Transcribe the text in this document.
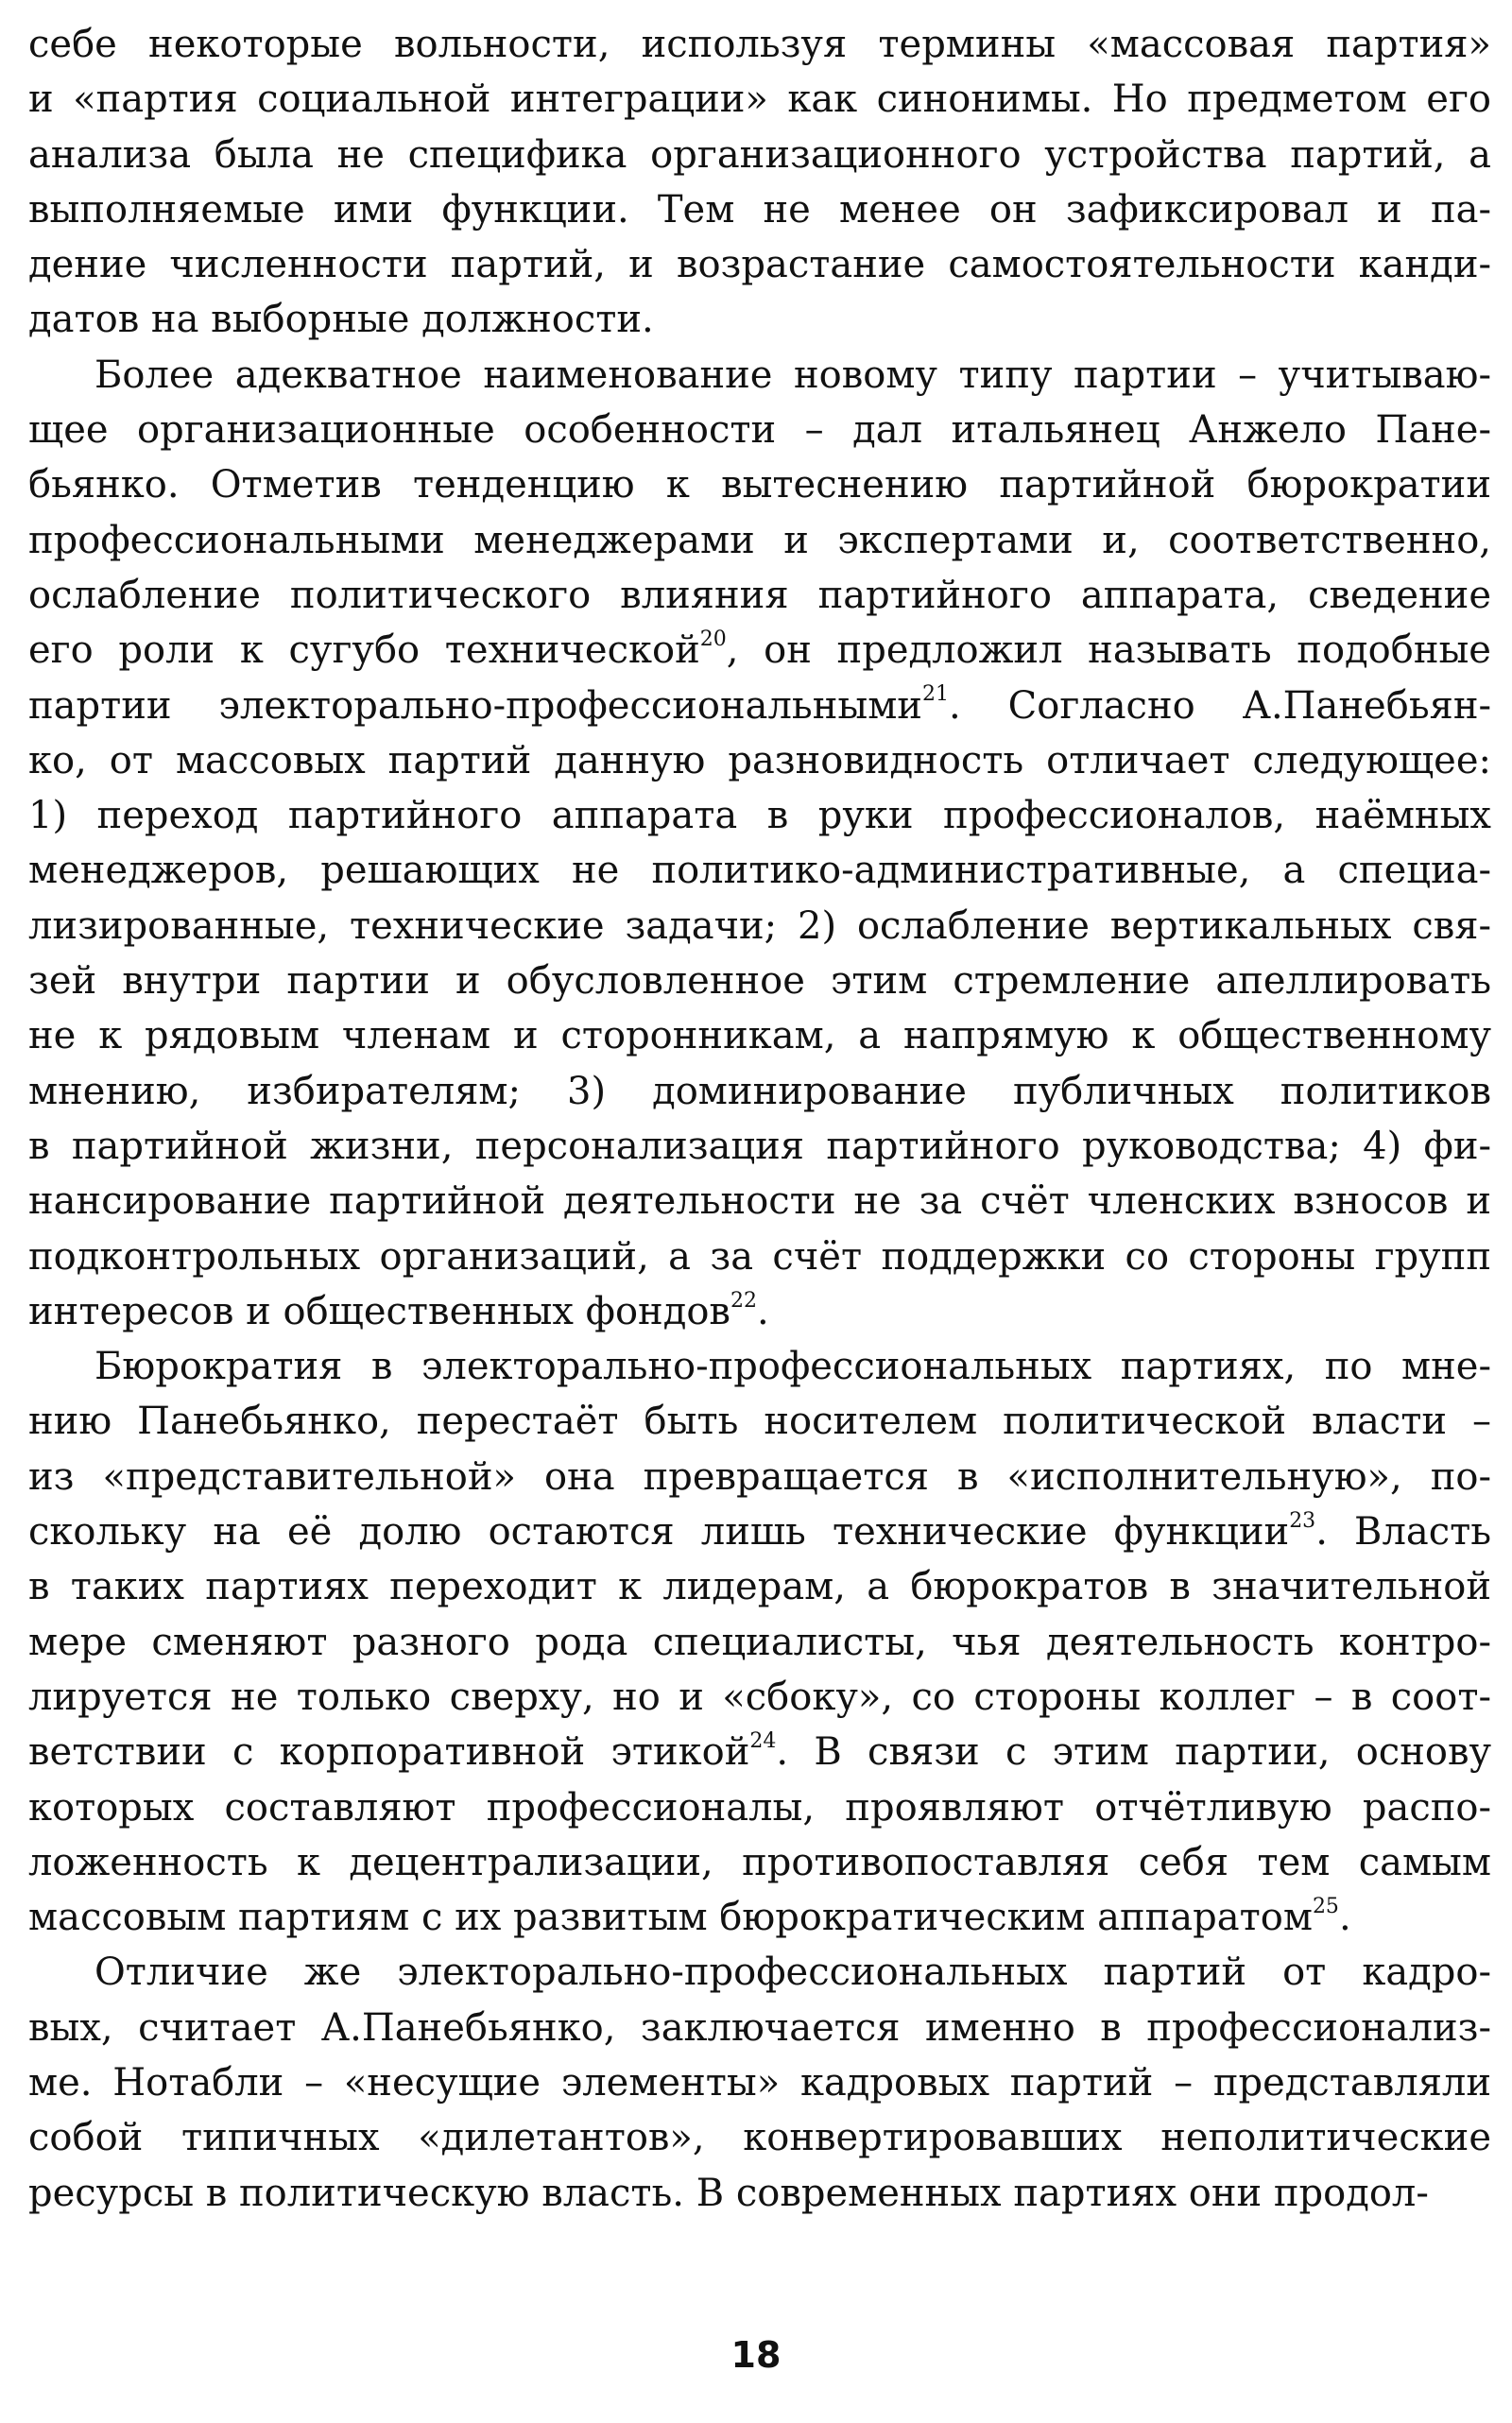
себе некоторые вольности, используя термины «массовая партия»
и «партия социальной интеграции» как синонимы. Но предметом его
анализа была не специфика организационного устройства партий, а
выполняемые ими функции. Тем не менее он зафиксировал и па-
дение численности партий, и возрастание самостоятельности канди-
датов на выборные должности.
Более адекватное наименование новому типу партии – учитываю-
щее организационные особенности – дал итальянец Анжело Пане-
бьянко. Отметив тенденцию к вытеснению партийной бюрократии
профессиональными менеджерами и экспертами и, соответственно,
ослабление политического влияния партийного аппарата, сведение
его роли к сугубо технической$^{20}$, он предложил называть подобные
партии электорально-профессиональными$^{21}$. Согласно А.Панебьян-
ко, от массовых партий данную разновидность отличает следующее:
1) переход партийного аппарата в руки профессионалов, наёмных
менеджеров, решающих не политико-административные, а специа-
лизированные, технические задачи; 2) ослабление вертикальных свя-
зей внутри партии и обусловленное этим стремление апеллировать
не к рядовым членам и сторонникам, а напрямую к общественному
мнению, избирателям; 3) доминирование публичных политиков
в партийной жизни, персонализация партийного руководства; 4) фи-
нансирование партийной деятельности не за счёт членских взносов и
подконтрольных организаций, а за счёт поддержки со стороны групп
интересов и общественных фондов$^{22}$.
Бюрократия в электорально-профессиональных партиях, по мне-
нию Панебьянко, перестаёт быть носителем политической власти –
из «представительной» она превращается в «исполнительную», по-
скольку на её долю остаются лишь технические функции$^{23}$. Власть
в таких партиях переходит к лидерам, а бюрократов в значительной
мере сменяют разного рода специалисты, чья деятельность контро-
лируется не только сверху, но и «сбоку», со стороны коллег – в соот-
ветствии с корпоративной этикой$^{24}$. В связи с этим партии, основу
которых составляют профессионалы, проявляют отчётливую распо-
ложенность к децентрализации, противопоставляя себя тем самым
массовым партиям с их развитым бюрократическим аппаратом$^{25}$.
Отличие же электорально-профессиональных партий от кадро-
вых, считает А.Панебьянко, заключается именно в профессионализ-
ме. Нотабли – «несущие элементы» кадровых партий – представляли
собой типичных «дилетантов», конвертировавших неполитические
ресурсы в политическую власть. В современных партиях они продол-
18
